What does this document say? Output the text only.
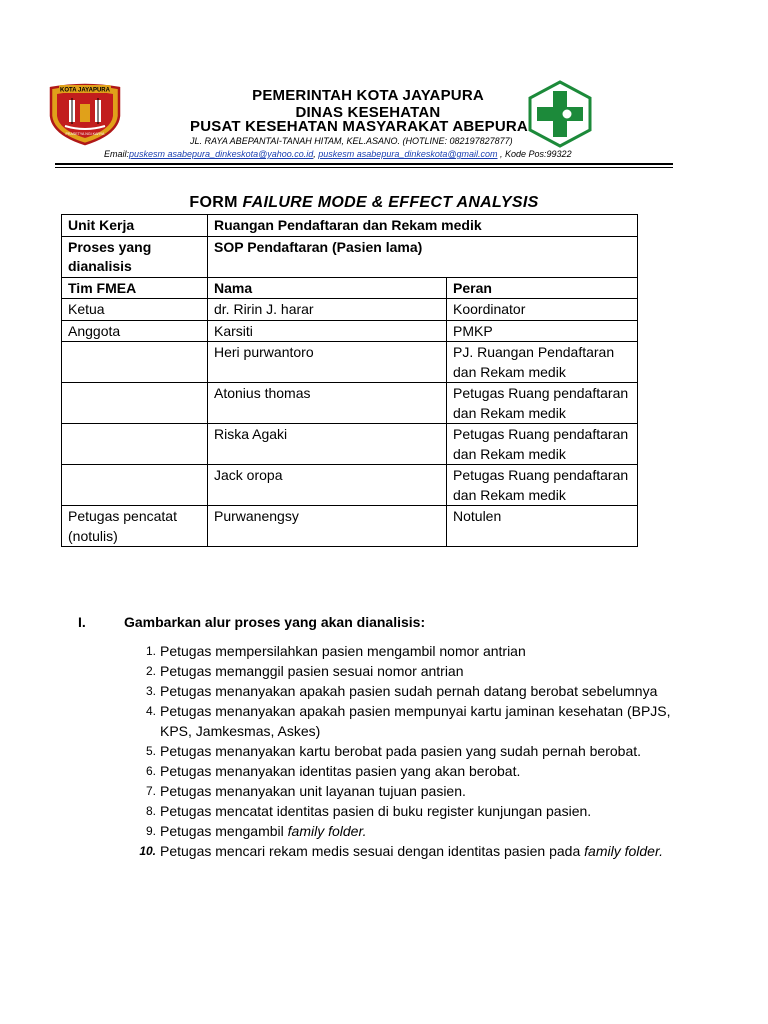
KOTA JAYAPURA
PRASETYA NGI KARYA
PEMERINTAH KOTA JAYAPURA
DINAS KESEHATAN
PUSAT KESEHATAN MASYARAKAT ABEPURA
JL. RAYA ABEPANTAI-TANAH HITAM, KEL.ASANO. (HOTLINE: 082197827877)
Email:puskesm asabepura_dinkeskota@yahoo.co.id, puskesm asabepura_dinkeskota@gmail.com , Kode Pos:99322
FORM FAILURE MODE & EFFECT ANALYSIS
Unit Kerja	Ruangan Pendaftaran dan Rekam medik	
Proses yang dianalisis	SOP Pendaftaran (Pasien lama)	
Tim FMEA	Nama	Peran
Ketua	dr. Ririn J. harar	Koordinator
Anggota	Karsiti	PMKP
	Heri purwantoro	PJ. Ruangan Pendaftaran dan Rekam medik
	Atonius thomas	Petugas Ruang pendaftaran dan Rekam medik
	Riska Agaki	Petugas Ruang pendaftaran dan Rekam medik
	Jack oropa	Petugas Ruang pendaftaran dan Rekam medik
Petugas pencatat (notulis)	Purwanengsy	Notulen
I.	Gambarkan alur proses yang akan dianalisis:
1. Petugas mempersilahkan pasien mengambil nomor antrian
2. Petugas memanggil pasien sesuai nomor antrian
3. Petugas menanyakan apakah pasien sudah pernah datang berobat sebelumnya
4. Petugas menanyakan apakah pasien mempunyai kartu jaminan kesehatan (BPJS, KPS, Jamkesmas, Askes)
5. Petugas menanyakan kartu berobat pada pasien yang sudah pernah berobat.
6. Petugas menanyakan identitas pasien yang akan berobat.
7. Petugas menanyakan unit layanan tujuan pasien.
8. Petugas mencatat identitas pasien di buku register kunjungan pasien.
9. Petugas mengambil family folder.
10. Petugas mencari rekam medis sesuai dengan identitas pasien pada family folder.
